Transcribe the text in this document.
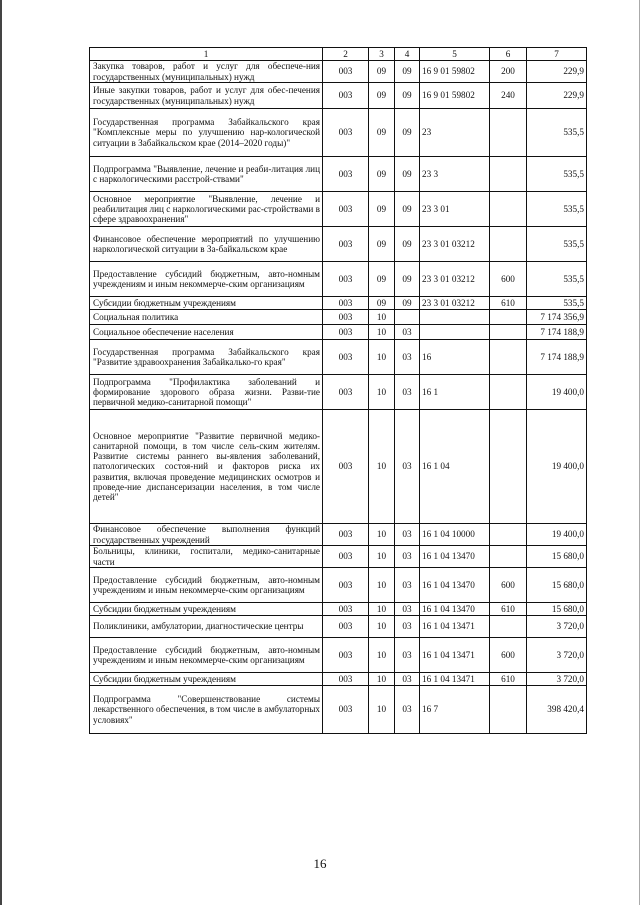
1	2	3	4	5	6	7
Закупка товаров, работ и услуг для обеспече-ния государственных (муниципальных) нужд	003	09	09	16 9 01 59802	200	229,9
Иные закупки товаров, работ и услуг для обес-печения государственных (муниципальных) нужд	003	09	09	16 9 01 59802	240	229,9
Государственная программа Забайкальского края "Комплексные меры по улучшению нар-кологической ситуации в Забайкальском крае (2014–2020 годы)"	003	09	09	23		535,5
Подпрограмма "Выявление, лечение и реаби-литация лиц с наркологическими расстрой-ствами"	003	09	09	23 3		535,5
Основное мероприятие "Выявление, лечение и реабилитация лиц с наркологическими рас-стройствами в сфере здравоохранения"	003	09	09	23 3 01		535,5
Финансовое обеспечение мероприятий по улучшению наркологической ситуации в За-байкальском крае	003	09	09	23 3 01 03212		535,5
Предоставление субсидий бюджетным, авто-номным учреждениям и иным некоммерче-ским организациям	003	09	09	23 3 01 03212	600	535,5
Субсидии бюджетным учреждениям	003	09	09	23 3 01 03212	610	535,5
Социальная политика	003	10				7 174 356,9
Социальное обеспечение населения	003	10	03			7 174 188,9
Государственная программа Забайкальского края "Развитие здравоохранения Забайкалько-го края"	003	10	03	16		7 174 188,9
Подпрограмма "Профилактика заболеваний и формирование здорового образа жизни. Разви-тие первичной медико-санитарной помощи"	003	10	03	16 1		19 400,0
Основное мероприятие "Развитие первичной медико-санитарной помощи, в том числе сель-ским жителям. Развитие системы раннего вы-явления заболеваний, патологических состоя-ний и факторов риска их развития, включая проведение медицинских осмотров и проведе-ние диспансеризации населения, в том числе детей"	003	10	03	16 1 04		19 400,0
Финансовое обеспечение выполнения функций государственных учреждений	003	10	03	16 1 04 10000		19 400,0
Больницы, клиники, госпитали, медико-санитарные части	003	10	03	16 1 04 13470		15 680,0
Предоставление субсидий бюджетным, авто-номным учреждениям и иным некоммерче-ским организациям	003	10	03	16 1 04 13470	600	15 680,0
Субсидии бюджетным учреждениям	003	10	03	16 1 04 13470	610	15 680,0
Поликлиники, амбулатории, диагностические центры	003	10	03	16 1 04 13471		3 720,0
Предоставление субсидий бюджетным, авто-номным учреждениям и иным некоммерче-ским организациям	003	10	03	16 1 04 13471	600	3 720,0
Субсидии бюджетным учреждениям	003	10	03	16 1 04 13471	610	3 720,0
Подпрограмма "Совершенствование системы лекарственного обеспечения, в том числе в амбулаторных условиях"	003	10	03	16 7		398 420,4
16
